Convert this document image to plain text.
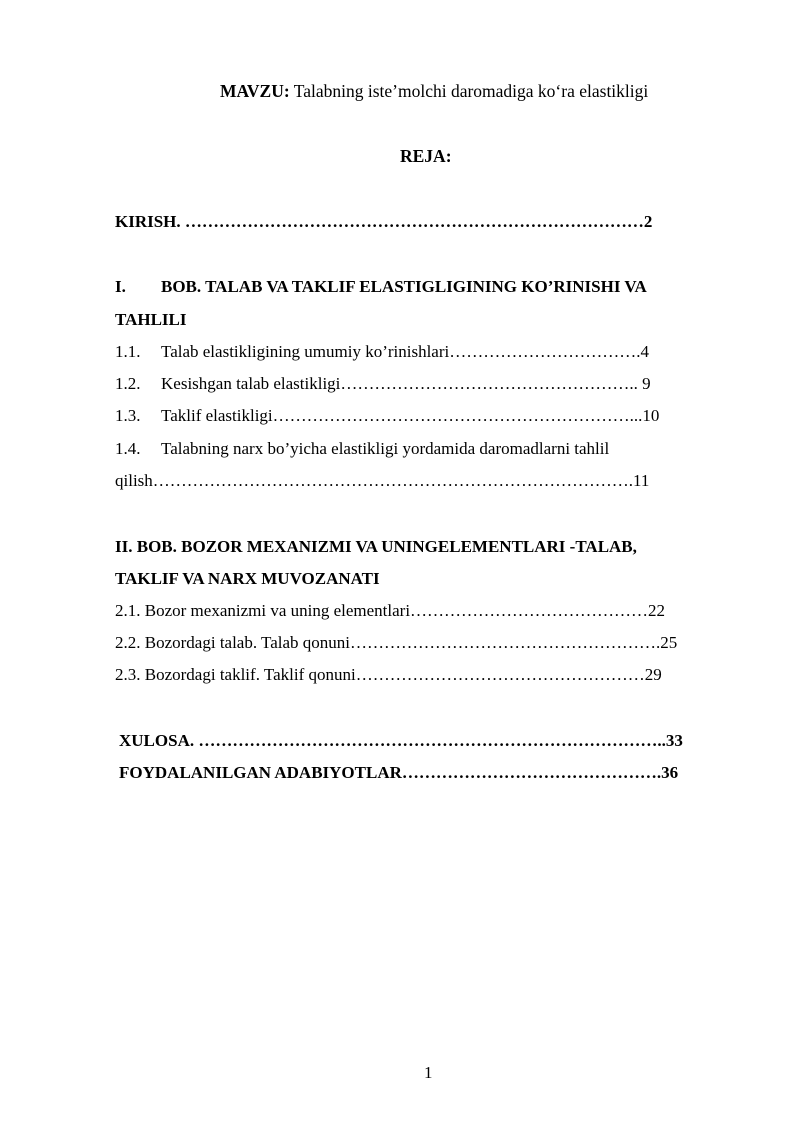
MAVZU: Talabning iste’molchi daromadiga ko‘ra elastikligi
REJA:
KIRISH. ………………………………………………………………………2
I. BOB. TALAB VA TAKLIF ELASTIGLIGINING KO’RINISHI VA
TAHLILI
1.1. Talab elastikligining umumiy ko’rinishlari…………………………….4
1.2. Kesishgan talab elastikligi…………………………………………….. 9
1.3. Taklif elastikligi………………………………………………………...10
1.4. Talabning narx bo’yicha elastikligi yordamida daromadlarni tahlil
qilish………………………………………………………………………….11
II. BOB. BOZOR MEXANIZMI VA UNINGELEMENTLARI -TALAB,
TAKLIF VA NARX MUVOZANATI
2.1. Bozor mexanizmi va uning elementlari……………………………………22
2.2. Bozordagi talab. Talab qonuni……………………………………………….25
2.3. Bozordagi taklif. Taklif qonuni……………………………………………29
XULOSA. ………………………………………………………………………..33
FOYDALANILGAN ADABIYOTLAR……………………………………….36
1
